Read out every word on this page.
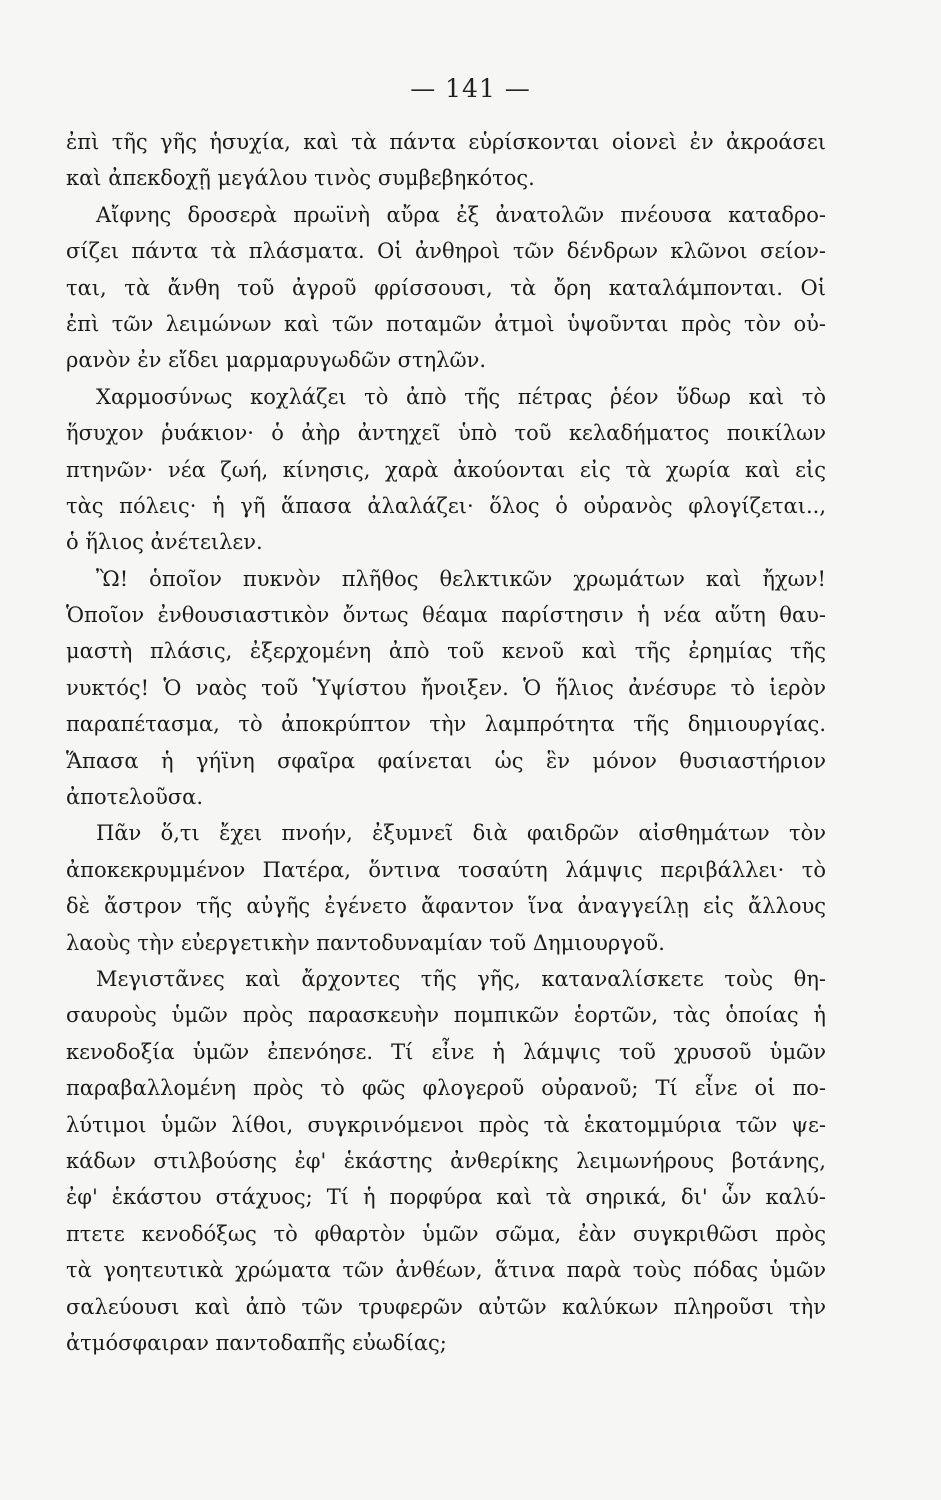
— 141 —
ἐπὶ τῆς γῆς ἡσυχία, καὶ τὰ πάντα εὑρίσκονται οἱονεὶ ἐν ἀκροάσει
καὶ ἀπεκδοχῇ μεγάλου τινὸς συμβεβηκότος.
Αἴφνης δροσερὰ πρωϊνὴ αὔρα ἐξ ἀνατολῶν πνέουσα καταδρο-
σίζει πάντα τὰ πλάσματα. Οἱ ἀνθηροὶ τῶν δένδρων κλῶνοι σείον-
ται, τὰ ἄνθη τοῦ ἀγροῦ φρίσσουσι, τὰ ὄρη καταλάμπονται. Οἱ
ἐπὶ τῶν λειμώνων καὶ τῶν ποταμῶν ἀτμοὶ ὑψοῦνται πρὸς τὸν οὐ-
ρανὸν ἐν εἴδει μαρμαρυγωδῶν στηλῶν.
Χαρμοσύνως κοχλάζει τὸ ἀπὸ τῆς πέτρας ῥέον ὕδωρ καὶ τὸ
ἥσυχον ῥυάκιον· ὁ ἀὴρ ἀντηχεῖ ὑπὸ τοῦ κελαδήματος ποικίλων
πτηνῶν· νέα ζωή, κίνησις, χαρὰ ἀκούονται εἰς τὰ χωρία καὶ εἰς
τὰς πόλεις· ἡ γῆ ἅπασα ἀλαλάζει· ὅλος ὁ οὐρανὸς φλογίζεται..,
ὁ ἥλιος ἀνέτειλεν.
Ὢ! ὁποῖον πυκνὸν πλῆθος θελκτικῶν χρωμάτων καὶ ἤχων!
Ὁποῖον ἐνθουσιαστικὸν ὄντως θέαμα παρίστησιν ἡ νέα αὕτη θαυ-
μαστὴ πλάσις, ἐξερχομένη ἀπὸ τοῦ κενοῦ καὶ τῆς ἐρημίας τῆς
νυκτός! Ὁ ναὸς τοῦ Ὑψίστου ἤνοιξεν. Ὁ ἥλιος ἀνέσυρε τὸ ἱερὸν
παραπέτασμα, τὸ ἀποκρύπτον τὴν λαμπρότητα τῆς δημιουργίας.
Ἅπασα ἡ γήϊνη σφαῖρα φαίνεται ὡς ἓν μόνον θυσιαστήριον
ἀποτελοῦσα.
Πᾶν ὅ,τι ἔχει πνοήν, ἐξυμνεῖ διὰ φαιδρῶν αἰσθημάτων τὸν
ἀποκεκρυμμένον Πατέρα, ὅντινα τοσαύτη λάμψις περιβάλλει· τὸ
δὲ ἄστρον τῆς αὐγῆς ἐγένετο ἄφαντον ἵνα ἀναγγείλῃ εἰς ἄλλους
λαοὺς τὴν εὐεργετικὴν παντοδυναμίαν τοῦ Δημιουργοῦ.
Μεγιστᾶνες καὶ ἄρχοντες τῆς γῆς, καταναλίσκετε τοὺς θη-
σαυροὺς ὑμῶν πρὸς παρασκευὴν πομπικῶν ἑορτῶν, τὰς ὁποίας ἡ
κενοδοξία ὑμῶν ἐπενόησε. Τί εἶνε ἡ λάμψις τοῦ χρυσοῦ ὑμῶν
παραβαλλομένη πρὸς τὸ φῶς φλογεροῦ οὐρανοῦ; Τί εἶνε οἱ πο-
λύτιμοι ὑμῶν λίθοι, συγκρινόμενοι πρὸς τὰ ἑκατομμύρια τῶν ψε-
κάδων στιλβούσης ἐφ' ἑκάστης ἀνθερίκης λειμωνήρους βοτάνης,
ἐφ' ἑκάστου στάχυος; Τί ἡ πορφύρα καὶ τὰ σηρικά, δι' ὧν καλύ-
πτετε κενοδόξως τὸ φθαρτὸν ὑμῶν σῶμα, ἐὰν συγκριθῶσι πρὸς
τὰ γοητευτικὰ χρώματα τῶν ἀνθέων, ἅτινα παρὰ τοὺς πόδας ὑμῶν
σαλεύουσι καὶ ἀπὸ τῶν τρυφερῶν αὐτῶν καλύκων πληροῦσι τὴν
ἀτμόσφαιραν παντοδαπῆς εὐωδίας;
